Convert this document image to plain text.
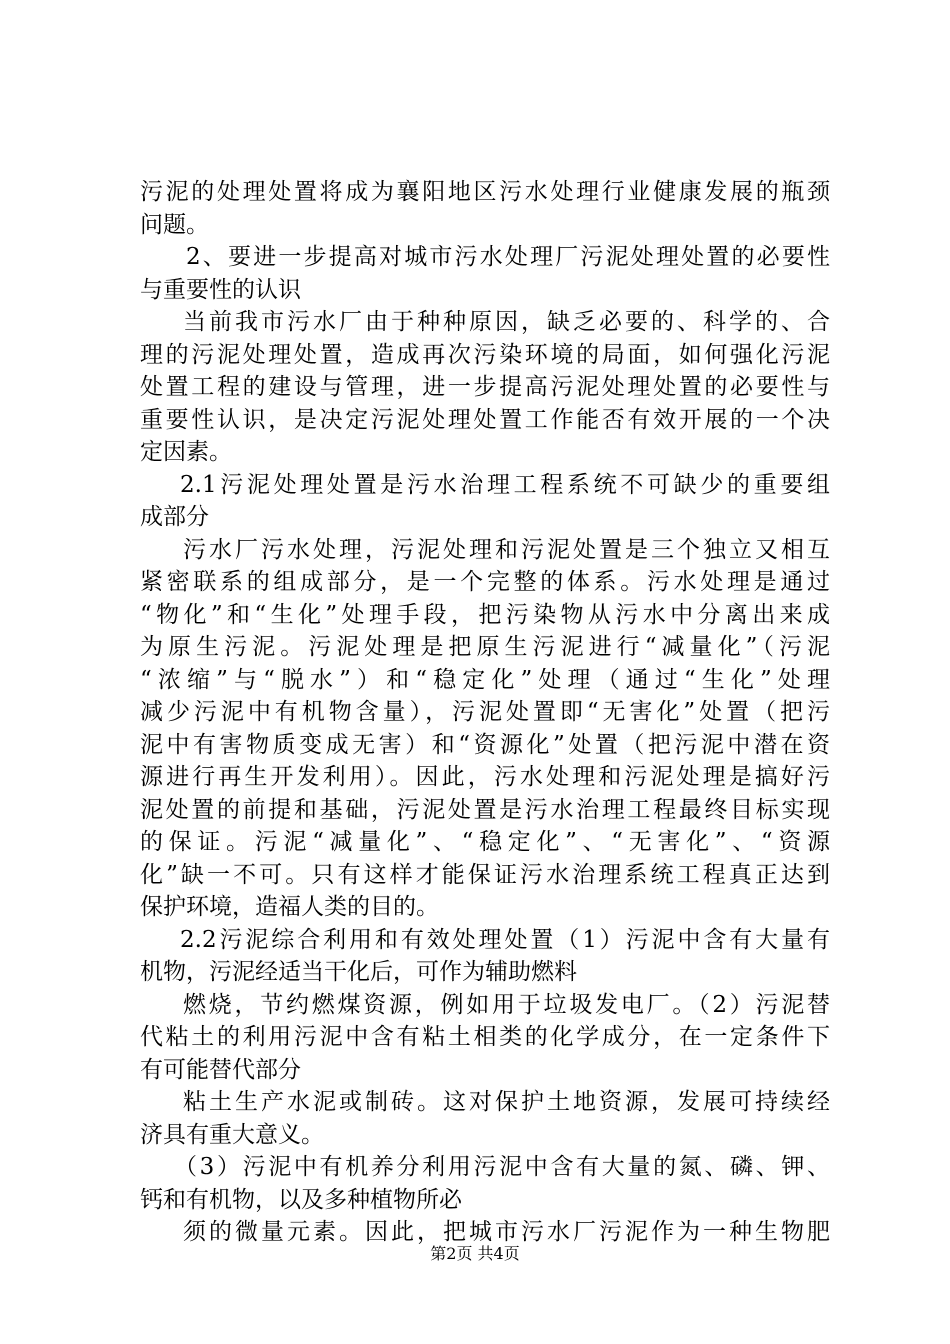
污泥的处理处置将成为襄阳地区污水处理行业健康发展的瓶颈
问题。
2、要进一步提高对城市污水处理厂污泥处理处置的必要性
与重要性的认识
当前我市污水厂由于种种原因，缺乏必要的、科学的、合
理的污泥处理处置，造成再次污染环境的局面，如何强化污泥
处置工程的建设与管理，进一步提高污泥处理处置的必要性与
重要性认识，是决定污泥处理处置工作能否有效开展的一个决
定因素。
2.1污泥处理处置是污水治理工程系统不可缺少的重要组
成部分
污水厂污水处理，污泥处理和污泥处置是三个独立又相互
紧密联系的组成部分，是一个完整的体系。污水处理是通过
“物化”和“生化”处理手段，把污染物从污水中分离出来成
为原生污泥。污泥处理是把原生污泥进行“减量化”（污泥
“浓缩”与“脱水”）和“稳定化”处理（通过“生化”处理
减少污泥中有机物含量），污泥处置即“无害化”处置（把污
泥中有害物质变成无害）和“资源化”处置（把污泥中潜在资
源进行再生开发利用）。因此，污水处理和污泥处理是搞好污
泥处置的前提和基础，污泥处置是污水治理工程最终目标实现
的保证。污泥“减量化”、“稳定化”、“无害化”、“资源
化”缺一不可。只有这样才能保证污水治理系统工程真正达到
保护环境，造福人类的目的。
2.2污泥综合利用和有效处理处置（1）污泥中含有大量有
机物，污泥经适当干化后，可作为辅助燃料
燃烧，节约燃煤资源，例如用于垃圾发电厂。（2）污泥替
代粘土的利用污泥中含有粘土相类的化学成分，在一定条件下
有可能替代部分
粘土生产水泥或制砖。这对保护土地资源，发展可持续经
济具有重大意义。
（3）污泥中有机养分利用污泥中含有大量的氮、磷、钾、
钙和有机物，以及多种植物所必
须的微量元素。因此，把城市污水厂污泥作为一种生物肥
第2页 共4页
